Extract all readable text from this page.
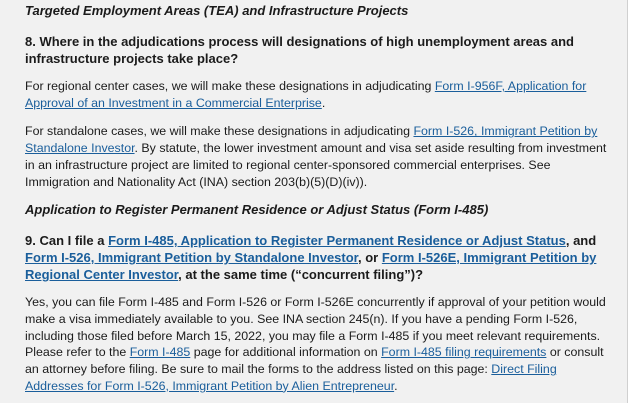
Targeted Employment Areas (TEA) and Infrastructure Projects

8. Where in the adjudications process will designations of high unemployment areas and infrastructure projects take place?

For regional center cases, we will make these designations in adjudicating Form I-956F, Application for Approval of an Investment in a Commercial Enterprise.

For standalone cases, we will make these designations in adjudicating Form I-526, Immigrant Petition by Standalone Investor. By statute, the lower investment amount and visa set aside resulting from investment in an infrastructure project are limited to regional center-sponsored commercial enterprises. See Immigration and Nationality Act (INA) section 203(b)(5)(D)(iv)).

Application to Register Permanent Residence or Adjust Status (Form I-485)

9. Can I file a Form I-485, Application to Register Permanent Residence or Adjust Status, and Form I-526, Immigrant Petition by Standalone Investor, or Form I-526E, Immigrant Petition by Regional Center Investor, at the same time (“concurrent filing”)?

Yes, you can file Form I-485 and Form I-526 or Form I-526E concurrently if approval of your petition would make a visa immediately available to you. See INA section 245(n). If you have a pending Form I-526, including those filed before March 15, 2022, you may file a Form I-485 if you meet relevant requirements. Please refer to the Form I-485 page for additional information on Form I-485 filing requirements or consult an attorney before filing. Be sure to mail the forms to the address listed on this page: Direct Filing Addresses for Form I-526, Immigrant Petition by Alien Entrepreneur.
